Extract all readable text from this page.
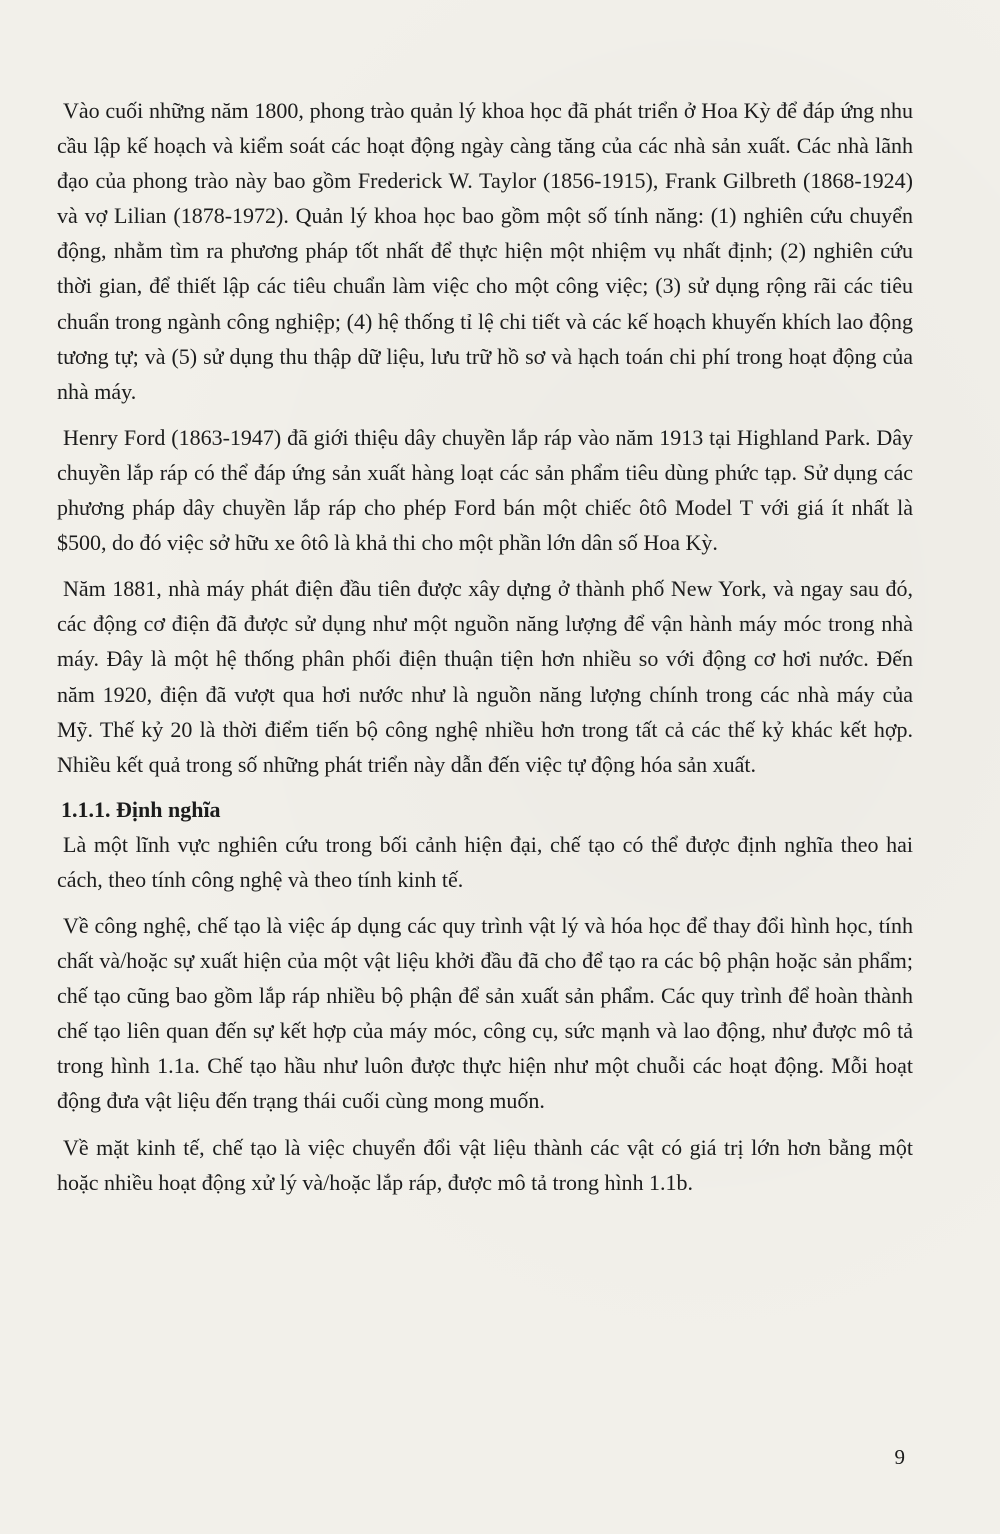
Vào cuối những năm 1800, phong trào quản lý khoa học đã phát triển ở Hoa Kỳ để đáp ứng nhu cầu lập kế hoạch và kiểm soát các hoạt động ngày càng tăng của các nhà sản xuất. Các nhà lãnh đạo của phong trào này bao gồm Frederick W. Taylor (1856-1915), Frank Gilbreth (1868-1924) và vợ Lilian (1878-1972). Quản lý khoa học bao gồm một số tính năng: (1) nghiên cứu chuyển động, nhằm tìm ra phương pháp tốt nhất để thực hiện một nhiệm vụ nhất định; (2) nghiên cứu thời gian, để thiết lập các tiêu chuẩn làm việc cho một công việc; (3) sử dụng rộng rãi các tiêu chuẩn trong ngành công nghiệp; (4) hệ thống tỉ lệ chi tiết và các kế hoạch khuyến khích lao động tương tự; và (5) sử dụng thu thập dữ liệu, lưu trữ hồ sơ và hạch toán chi phí trong hoạt động của nhà máy.

Henry Ford (1863-1947) đã giới thiệu dây chuyền lắp ráp vào năm 1913 tại Highland Park. Dây chuyền lắp ráp có thể đáp ứng sản xuất hàng loạt các sản phẩm tiêu dùng phức tạp. Sử dụng các phương pháp dây chuyền lắp ráp cho phép Ford bán một chiếc ôtô Model T với giá ít nhất là $500, do đó việc sở hữu xe ôtô là khả thi cho một phần lớn dân số Hoa Kỳ.

Năm 1881, nhà máy phát điện đầu tiên được xây dựng ở thành phố New York, và ngay sau đó, các động cơ điện đã được sử dụng như một nguồn năng lượng để vận hành máy móc trong nhà máy. Đây là một hệ thống phân phối điện thuận tiện hơn nhiều so với động cơ hơi nước. Đến năm 1920, điện đã vượt qua hơi nước như là nguồn năng lượng chính trong các nhà máy của Mỹ. Thế kỷ 20 là thời điểm tiến bộ công nghệ nhiều hơn trong tất cả các thế kỷ khác kết hợp. Nhiều kết quả trong số những phát triển này dẫn đến việc tự động hóa sản xuất.

1.1.1. Định nghĩa

Là một lĩnh vực nghiên cứu trong bối cảnh hiện đại, chế tạo có thể được định nghĩa theo hai cách, theo tính công nghệ và theo tính kinh tế.

Về công nghệ, chế tạo là việc áp dụng các quy trình vật lý và hóa học để thay đổi hình học, tính chất và/hoặc sự xuất hiện của một vật liệu khởi đầu đã cho để tạo ra các bộ phận hoặc sản phẩm; chế tạo cũng bao gồm lắp ráp nhiều bộ phận để sản xuất sản phẩm. Các quy trình để hoàn thành chế tạo liên quan đến sự kết hợp của máy móc, công cụ, sức mạnh và lao động, như được mô tả trong hình 1.1a. Chế tạo hầu như luôn được thực hiện như một chuỗi các hoạt động. Mỗi hoạt động đưa vật liệu đến trạng thái cuối cùng mong muốn.

Về mặt kinh tế, chế tạo là việc chuyển đổi vật liệu thành các vật có giá trị lớn hơn bằng một hoặc nhiều hoạt động xử lý và/hoặc lắp ráp, được mô tả trong hình 1.1b.

9
